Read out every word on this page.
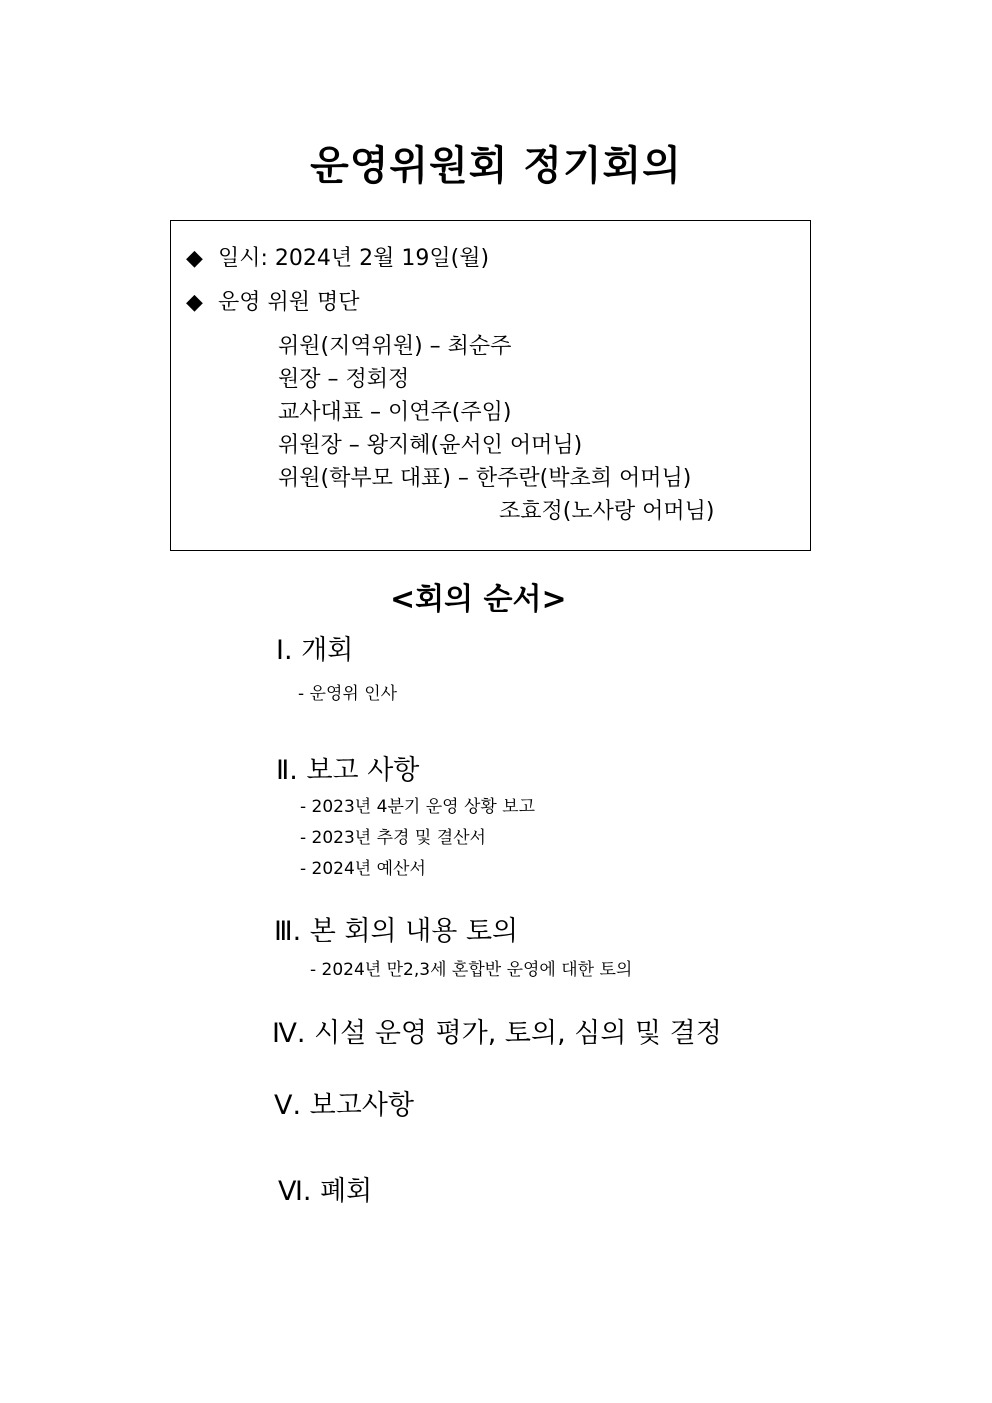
운영위원회 정기회의
◆ 일시: 2024년 2월 19일(월)
◆ 운영 위원 명단
위원(지역위원) – 최순주
원장 – 정회정
교사대표 – 이연주(주임)
위원장 – 왕지혜(윤서인 어머님)
위원(학부모 대표) – 한주란(박초희 어머님)
조효정(노사랑 어머님)
<회의 순서>
Ⅰ. 개회
- 운영위 인사
Ⅱ. 보고 사항
- 2023년 4분기 운영 상황 보고
- 2023년 추경 및 결산서
- 2024년 예산서
Ⅲ. 본 회의 내용 토의
- 2024년 만2,3세 혼합반 운영에 대한 토의
Ⅳ. 시설 운영 평가, 토의, 심의 및 결정
Ⅴ. 보고사항
Ⅵ. 폐회
